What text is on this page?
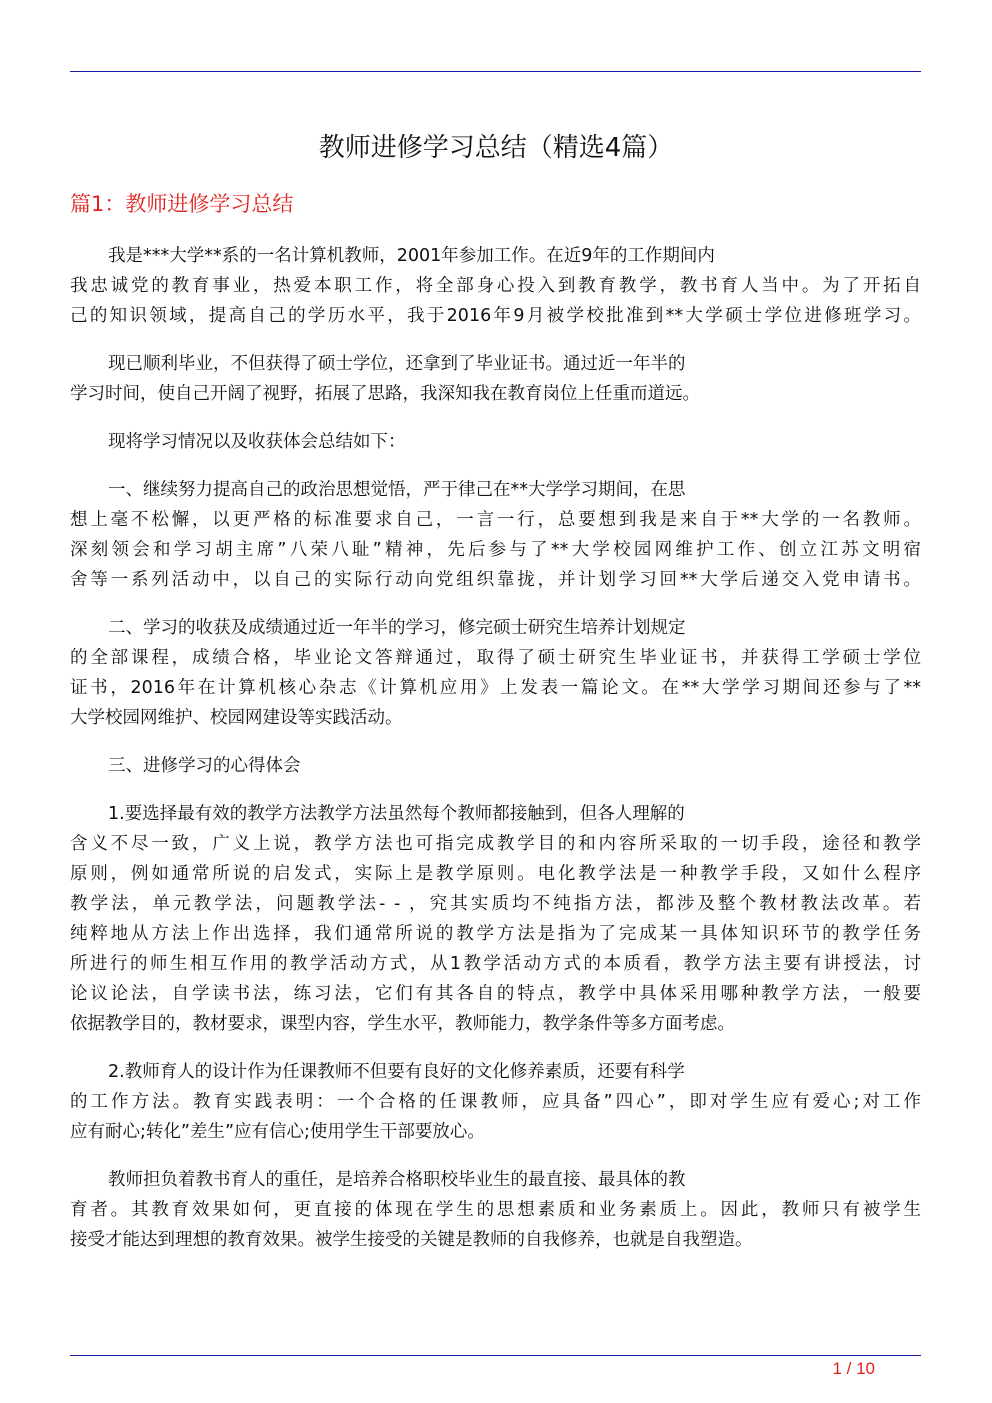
教师进修学习总结（精选4篇）
篇1：教师进修学习总结
我是***大学**系的一名计算机教师，2001年参加工作。在近9年的工作期间内
我忠诚党的教育事业，热爱本职工作，将全部身心投入到教育教学，教书育人当中。为了开拓自
己的知识领域，提高自己的学历水平，我于2016年9月被学校批准到**大学硕士学位进修班学习。
现已顺利毕业，不但获得了硕士学位，还拿到了毕业证书。通过近一年半的
学习时间，使自己开阔了视野，拓展了思路，我深知我在教育岗位上任重而道远。
现将学习情况以及收获体会总结如下：
一、继续努力提高自己的政治思想觉悟，严于律己在**大学学习期间，在思
想上毫不松懈，以更严格的标准要求自己，一言一行，总要想到我是来自于**大学的一名教师。
深刻领会和学习胡主席”八荣八耻”精神，先后参与了**大学校园网维护工作、创立江苏文明宿
舍等一系列活动中，以自己的实际行动向党组织靠拢，并计划学习回**大学后递交入党申请书。
二、学习的收获及成绩通过近一年半的学习，修完硕士研究生培养计划规定
的全部课程，成绩合格，毕业论文答辩通过，取得了硕士研究生毕业证书，并获得工学硕士学位
证书，2016年在计算机核心杂志《计算机应用》上发表一篇论文。在**大学学习期间还参与了**
大学校园网维护、校园网建设等实践活动。
三、进修学习的心得体会
1.要选择最有效的教学方法教学方法虽然每个教师都接触到，但各人理解的
含义不尽一致，广义上说，教学方法也可指完成教学目的和内容所采取的一切手段，途径和教学
原则，例如通常所说的启发式，实际上是教学原则。电化教学法是一种教学手段，又如什么程序
教学法，单元教学法，问题教学法- - ，究其实质均不纯指方法，都涉及整个教材教法改革。若
纯粹地从方法上作出选择，我们通常所说的教学方法是指为了完成某一具体知识环节的教学任务
所进行的师生相互作用的教学活动方式，从1教学活动方式的本质看，教学方法主要有讲授法，讨
论议论法，自学读书法，练习法，它们有其各自的特点，教学中具体采用哪种教学方法，一般要
依据教学目的，教材要求，课型内容，学生水平，教师能力，教学条件等多方面考虑。
2.教师育人的设计作为任课教师不但要有良好的文化修养素质，还要有科学
的工作方法。教育实践表明：一个合格的任课教师，应具备”四心”，即对学生应有爱心;对工作
应有耐心;转化”差生”应有信心;使用学生干部要放心。
教师担负着教书育人的重任，是培养合格职校毕业生的最直接、最具体的教
育者。其教育效果如何，更直接的体现在学生的思想素质和业务素质上。因此，教师只有被学生
接受才能达到理想的教育效果。被学生接受的关键是教师的自我修养，也就是自我塑造。
1 / 10
